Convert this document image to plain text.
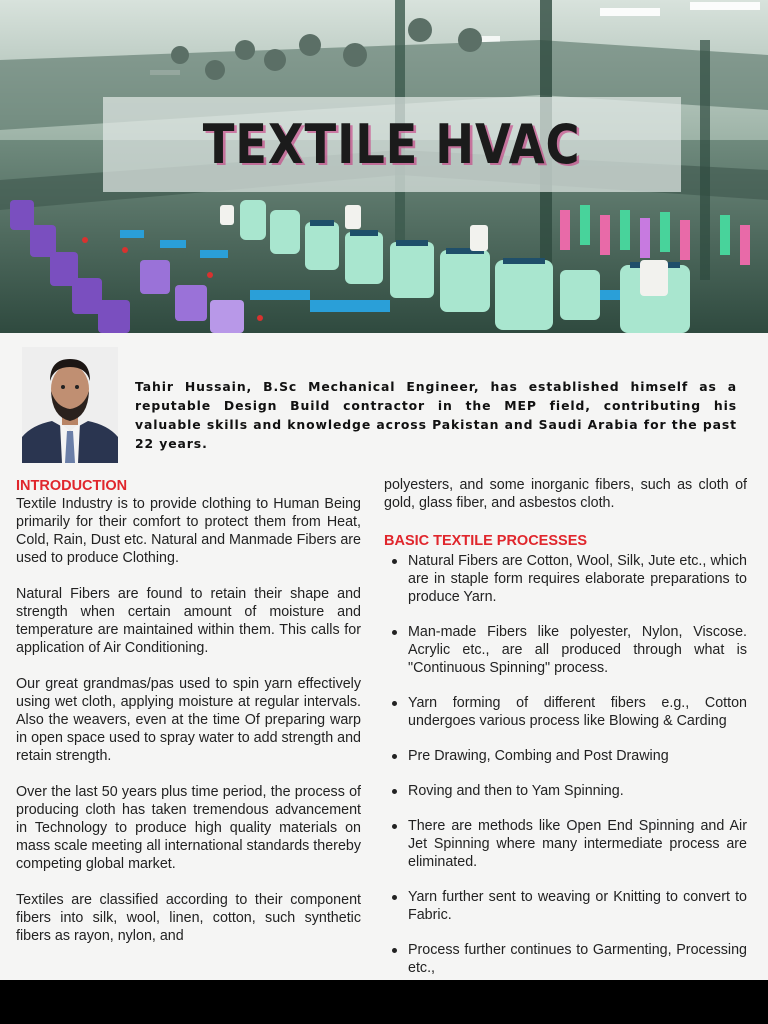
TEXTILE HVAC

Tahir Hussain, B.Sc Mechanical Engineer, has established himself as a reputable Design Build contractor in the MEP field, contributing his valuable skills and knowledge across Pakistan and Saudi Arabia for the past 22 years.

INTRODUCTION

Textile Industry is to provide clothing to Human Being primarily for their comfort to protect them from Heat, Cold, Rain, Dust etc. Natural and Manmade Fibers are used to produce Clothing.

Natural Fibers are found to retain their shape and strength when certain amount of moisture and temperature are maintained within them. This calls for application of Air Conditioning.

Our great grandmas/pas used to spin yarn effectively using wet cloth, applying moisture at regular intervals. Also the weavers, even at the time Of preparing warp in open space used to spray water to add strength and retain strength.

Over the last 50 years plus time period, the process of producing cloth has taken tremendous advancement in Technology to produce high quality materials on mass scale meeting all international standards thereby competing global market.

Textiles are classified according to their component fibers into silk, wool, linen, cotton, such synthetic fibers as rayon, nylon, and

polyesters, and some inorganic fibers, such as cloth of gold, glass fiber, and asbestos cloth.

BASIC TEXTILE PROCESSES
Natural Fibers are Cotton, Wool, Silk, Jute etc., which are in staple form requires elaborate preparations to produce Yarn.
Man-made Fibers like polyester, Nylon, Viscose. Acrylic etc., are all produced through what is "Continuous Spinning" process.
Yarn forming of different fibers e.g., Cotton undergoes various process like Blowing & Carding
Pre Drawing, Combing and Post Drawing
Roving and then to Yam Spinning.
There are methods like Open End Spinning and Air Jet Spinning where many intermediate process are eliminated.
Yarn further sent to weaving or Knitting to convert to Fabric.
Process further continues to Garmenting, Processing etc.,
